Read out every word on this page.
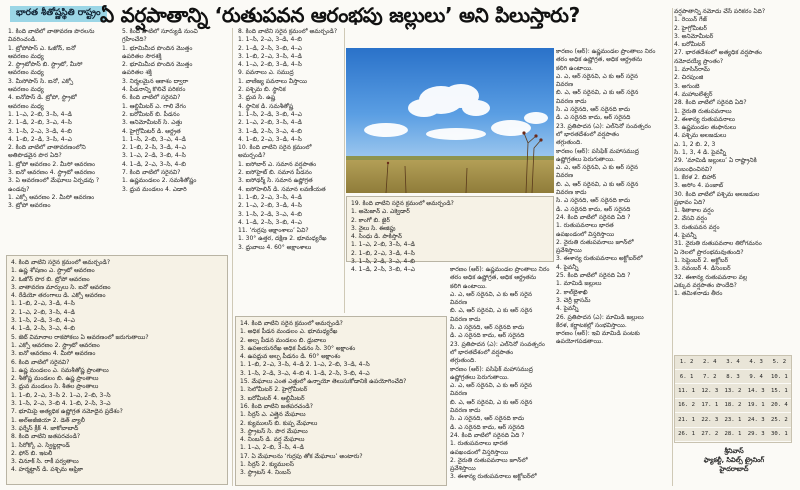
భారత శీతోష్ణస్థితి రాష్ట్రం ఏ వర్షపాతాన్ని ‘రుతుపవన ఆరంభపు జల్లులు’ అని పిలుస్తారు?

1. కింది వాటిలో వాతావరణ పొరలను

వివరించండి.

1. ట్రోపోపాస్ ఎ. ఓజోన్, ఐనో

ఆవరణం మధ్య

2. స్ట్రాటోపాస్ బి. స్ట్రాటో, మీసో

ఆవరణం మధ్య

3. మీసోపాస్ సి. ఐనో, ఎక్సో

ఆవరణం మధ్య

4. ఐనోపాస్ డి. ట్రోపో, స్ట్రాటో

ఆవరణం మధ్య

1. 1–ఎ, 2–బి, 3–సి, 4–డి

2. 1–డి, 2–బి, 3–ఎ, 4–సి

3. 1–సి, 2–ఎ, 3–డి, 4–బి

4. 1–బి, 2–డి, 3–సి, 4–ఎ

2. కింది వాటిలో వాతావరణంలోని

అతిపొడవైన పొర ఏది?

1. ట్రోపో ఆవరణం 2. మీసో ఆవరణం

3. ఐనో ఆవరణం 4. స్ట్రాటో ఆవరణం

3. ఏ ఆవరణంలో మేఘాలు ఏర్పడవు ?

ఉండవు?

1. ఎక్సో ఆవరణం 2. మీసో ఆవరణం

3. ట్రోపో ఆవరణం

5. కింది వాటిలో సూర్యుడి నుంచి

గ్రహించేది?

1. భూమిమీద పొందిన మొత్తం

ఉపరితల సౌరశక్తి

2. భూమిమీద పొందిన మొత్తం

ఉపరితల శక్తి

3. నిర్మలమైన ఆకాశం ద్వారా

4. పీడనాన్ని కొలిచే పరికరం

6. కింది వాటిలో సరైనవి?

1. ఆల్టిమీటర్ ఎ. గాలి వేగం

2. బరోమీటర్ బి. పీడనం

3. ఆనిమోమీటర్ సి. ఎత్తు

4. హైగ్రోమీటర్ డి. ఆర్ద్రత

1. 1–సి, 2–బి, 3–ఎ, 4–డి

2. 1–బి, 2–సి, 3–డి, 4–ఎ

3. 1–ఎ, 2–డి, 3–బి, 4–సి

4. 1–డి, 2–ఎ, 3–సి, 4–బి

7. కింది వాటిలో సరైనవి?

1. ఉష్ణమండలం 2. సమశీతోష్ణం

3. ధ్రువ మండలం 4. ఎడారి

8. కింది వాటిని సరైన క్రమంలో అమర్చండి?

1. 1–సి, 2–ఎ, 3–డి, 4–బి

2. 1–డి, 2–సి, 3–బి, 4–ఎ

3. 1–బి, 2–ఎ, 3–సి, 4–డి

4. 1–ఎ, 2–బి, 3–డి, 4–సి

9. పవనాలు ఎ. సముద్ర

1. వాణిజ్య పవనాలు వీస్తాయి

2. పశ్చిమ బి. స్థానిక

3. ధ్రువ సి. ఉష్ణ

4. స్థానిక డి. సమశీతోష్ణ

1. 1–సి, 2–డి, 3–బి, 4–ఎ

2. 1–ఎ, 2–బి, 3–సి, 4–డి

3. 1–డి, 2–సి, 3–ఎ, 4–బి

4. 1–బి, 2–ఎ, 3–డి, 4–సి

10. కింది వాటిని సరైన క్రమంలో

అమర్చండి?

1. ఐసోబార్ ఎ. సమాన వర్షపాతం

2. ఐసోహైట్ బి. సమాన పీడనం

3. ఐసోథర్మ్ సి. సమాన ఉష్ణోగ్రత

4. ఐసోహెలిన్ డి. సమాన లవణీయత

1. 1–బి, 2–ఎ, 3–సి, 4–డి

2. 1–ఎ, 2–బి, 3–డి, 4–సి

3. 1–సి, 2–డి, 3–ఎ, 4–బి

4. 1–డి, 2–సి, 3–బి, 4–ఎ

11. ‘గుర్రపు అక్షాంశాలు’ ఏవి?

1. 30° ఉత్తర, దక్షిణ 2. భూమధ్యరేఖ

3. ధ్రువాలు 4. 60° అక్షాంశాలు

కారణం (ఆర్): ఉష్ణమండల ప్రాంతాలు నిరం

తరం అధిక ఉష్ణోగ్రత, అధిక ఆర్ద్రతను

కలిగి ఉంటాయి.

ఎ. ఎ, ఆర్ సరైనవి, ఎ కు ఆర్ సరైన

వివరణ

బి. ఎ, ఆర్ సరైనవి, ఎ కు ఆర్ సరైన

వివరణ కాదు

సి. ఎ సరైనది, ఆర్ సరైనది కాదు

డి. ఎ సరైనది కాదు, ఆర్ సరైనది

23. ప్రతిపాదన (ఎ): ఎల్‌నినో సంవత్సరం

లో భారతదేశంలో వర్షపాతం

తగ్గుతుంది.

కారణం (ఆర్): పసిఫిక్ మహాసముద్ర

ఉష్ణోగ్రతలు పెరుగుతాయి.

ఎ. ఎ, ఆర్ సరైనవి, ఎ కు ఆర్ సరైన

వివరణ

బి. ఎ, ఆర్ సరైనవి, ఎ కు ఆర్ సరైన

వివరణ కాదు

సి. ఎ సరైనది, ఆర్ సరైనది కాదు

డి. ఎ సరైనది కాదు, ఆర్ సరైనది

24. కింది వాటిలో సరైనది ఏది ?

1. రుతుపవనాలు భారత

ఉపఖండంలో విస్తరిస్తాయి

2. నైరుతి రుతుపవనాలు జూన్‌లో

ప్రవేశిస్తాయి

3. ఈశాన్య రుతుపవనాలు అక్టోబర్‌లో

4. పైవన్నీ

25. కింది వాటిలో సరైనది ఏది ?

1. మామిడి జల్లులు

2. కాల్‌బైశాఖి

3. చెర్రీ బ్లాసమ్

4. పైవన్నీ

26. ప్రతిపాదన (ఎ): మామిడి జల్లులు

కేరళ, కర్ణాటకల్లో సంభవిస్తాయి.

కారణం (ఆర్): ఇవి మామిడి పంటకు

ఉపయోగపడతాయి.

వర్షపాతాన్ని నమోదు చేసే పరికరం ఏది?

1. రెయిన్ గేజ్

2. హైగ్రోమీటర్

3. అనిమోమీటర్

4. బరోమీటర్

27. భారతదేశంలో అత్యధిక వర్షపాతం

నమోదయ్యే ప్రాంతం?

1. మాసిన్‌రామ్

2. చిరపుంజి

3. అగుంబె

4. మహాబలేశ్వర్

28. కింది వాటిలో సరైనది ఏది?

1. నైరుతి రుతుపవనాలు

2. ఈశాన్య రుతుపవనాలు

3. ఉష్ణమండల తుఫానులు

4. పశ్చిమ అలజడులు

ఎ. 1, 2 బి. 2, 3

సి. 1, 3, 4 డి. పైవన్నీ

29. ‘మామిడి జల్లులు’ ఏ రాష్ట్రానికి

సంబంధించినవి?

1. కేరళ 2. బిహార్

3. అసోం 4. పంజాబ్

30. కింది వాటిలో పశ్చిమ అలజడుల

ప్రభావం ఏది?

1. శీతాకాల వర్షం

2. వేసవి వర్షం

3. రుతుపవన వర్షం

4. పైవన్నీ

31. నైరుతి రుతుపవనాల తిరోగమనం

ఏ నెలలో ప్రారంభమవుతుంది?

1. సెప్టెంబర్ 2. అక్టోబర్

3. నవంబర్ 4. డిసెంబర్

32. ఈశాన్య రుతుపవనాల వల్ల

ఎక్కువ వర్షపాతం పొందేది?

1. తమిళనాడు తీరం

4. కింది వాటిని సరైన క్రమంలో అమర్చండి?

1. ఉష్ణ శోషణం ఎ. స్ట్రాటో ఆవరణం

2. ఓజోన్ పొర బి. ట్రోపో ఆవరణం

3. వాతావరణ మార్పులు సి. ఐనో ఆవరణం

4. రేడియో తరంగాలు డి. ఎక్సో ఆవరణం

1. 1–బి, 2–ఎ, 3–డి, 4–సి

2. 1–ఎ, 2–బి, 3–సి, 4–డి

3. 1–సి, 2–డి, 3–బి, 4–ఎ

4. 1–డి, 2–సి, 3–ఎ, 4–బి

5. జెట్ విమానాల రాకపోకలు ఏ ఆవరణంలో జరుగుతాయి?

1. ఎక్సో ఆవరణం 2. స్ట్రాటో ఆవరణం

3. ఐనో ఆవరణం 4. మీసో ఆవరణం

6. కింది వాటిలో సరైనవి?

1. ఉష్ణ మండలం ఎ. సమశీతోష్ణ ప్రాంతాలు

2. శీతోష్ణ మండలం బి. ఉష్ణ ప్రాంతాలు

3. ధ్రువ మండలం సి. శీతల ప్రాంతాలు

1. 1–బి, 2–ఎ, 3–సి 2. 1–ఎ, 2–బి, 3–సి

3. 1–సి, 2–ఎ, 3–బి 4. 1–బి, 2–సి, 3–ఎ

7. భూమిపై అత్యధిక ఉష్ణోగ్రత నమోదైన ప్రదేశం?

1. అల్‌అజీజియా 2. డెత్ వ్యాలీ

3. ఫర్నేస్ క్రీక్ 4. జాకోబాబాద్

8. కింది వాటిని జతపరచండి?

1. సిరోక్కో ఎ. స్విట్జర్లాండ్

2. ఫోన్ బి. ఇటలీ

3. చినూక్ సి. రాకీ పర్వతాలు

4. హర్మట్టాన్ డి. పశ్చిమ ఆఫ్రికా

19. కింది వాటిని సరైన క్రమంలో అమర్చండి?

1. అమెజాన్ ఎ. ఎక్వెడార్

2. కాంగో బి. జైర్

3. నైలు సి. ఈజిప్టు

4. సింధు డి. పాకిస్తాన్

1. 1–ఎ, 2–బి, 3–సి, 4–డి

2. 1–బి, 2–ఎ, 3–డి, 4–సి

3. 1–సి, 2–డి, 3–ఎ, 4–బి

4. 1–డి, 2–సి, 3–బి, 4–ఎ

14. కింది వాటిని సరైన క్రమంలో అమర్చండి?

1. అధిక పీడన మండలం ఎ. భూమధ్యరేఖ

2. అల్ప పీడన మండలం బి. ధ్రువాలు

3. ఉపఅయనరేఖ అధిక పీడనం సి. 30° అక్షాంశం

4. ఉపధ్రువ అల్ప పీడనం డి. 60° అక్షాంశం

1. 1–బి, 2–ఎ, 3–సి, 4–డి 2. 1–ఎ, 2–బి, 3–డి, 4–సి

3. 1–సి, 2–డి, 3–ఎ, 4–బి 4. 1–డి, 2–సి, 3–బి, 4–ఎ

15. మేఘాలు ఎంత ఎత్తులో ఉన్నాయో తెలుసుకోడానికి ఉపయోగించేది?

1. సెలోమీటర్ 2. హైగ్రోమీటర్

3. బరోమీటర్ 4. ఆల్టిమీటర్

16. కింది వాటిని జతపరచండి?

1. సిర్రస్ ఎ. ఎత్తైన మేఘాలు

2. క్యుములస్ బి. కుప్ప మేఘాలు

3. స్ట్రాటస్ సి. పొర మేఘాలు

4. నింబస్ డి. వర్ష మేఘాలు

1. 1–ఎ, 2–బి, 3–సి, 4–డి

17. ఏ మేఘాలను ‘గుర్రపు తోక మేఘాలు’ అంటారు?

1. సిర్రస్ 2. క్యుములస్

3. స్ట్రాటస్ 4. నింబస్

కారణం (ఆర్): ఉష్ణమండల ప్రాంతాలు నిరం

తరం అధిక ఉష్ణోగ్రత, అధిక ఆర్ద్రతను

కలిగి ఉంటాయి.

ఎ. ఎ, ఆర్ సరైనవి, ఎ కు ఆర్ సరైన

వివరణ

బి. ఎ, ఆర్ సరైనవి, ఎ కు ఆర్ సరైన

వివరణ కాదు

సి. ఎ సరైనది, ఆర్ సరైనది కాదు

డి. ఎ సరైనది కాదు, ఆర్ సరైనది

23. ప్రతిపాదన (ఎ): ఎల్‌నినో సంవత్సరం

లో భారతదేశంలో వర్షపాతం

తగ్గుతుంది.

కారణం (ఆర్): పసిఫిక్ మహాసముద్ర

ఉష్ణోగ్రతలు పెరుగుతాయి.

ఎ. ఎ, ఆర్ సరైనవి, ఎ కు ఆర్ సరైన

వివరణ

బి. ఎ, ఆర్ సరైనవి, ఎ కు ఆర్ సరైన

వివరణ కాదు

సి. ఎ సరైనది, ఆర్ సరైనది కాదు

డి. ఎ సరైనది కాదు, ఆర్ సరైనది

24. కింది వాటిలో సరైనది ఏది ?

1. రుతుపవనాలు భారత

ఉపఖండంలో విస్తరిస్తాయి

2. నైరుతి రుతుపవనాలు జూన్‌లో

ప్రవేశిస్తాయి

3. ఈశాన్య రుతుపవనాలు అక్టోబర్‌లో

1. 2	2. 4	3. 4	4. 3	5. 2
6. 1	7. 2	8. 3	9. 4	10. 1
11. 1	12. 3	13. 2	14. 3	15. 1
16. 2	17. 1	18. 2	19. 1	20. 4
21. 1	22. 3	23. 1	24. 3	25. 2
26. 1	27. 2	28. 1	29. 3	30. 1
శ్రీనివాస్
ఫ్యాకల్టీ, సివిల్స్ ట్రైనింగ్
హైదరాబాద్
